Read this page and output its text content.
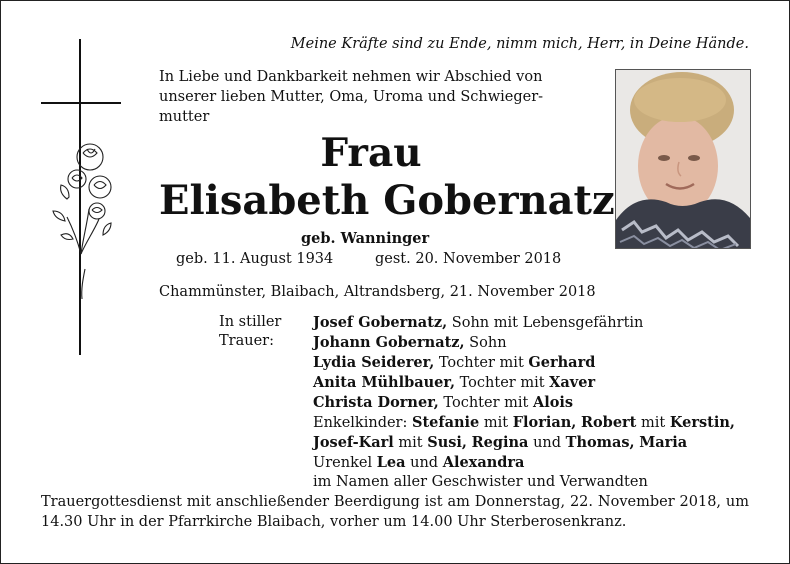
Meine Kräfte sind zu Ende, nimm mich, Herr, in Deine Hände.
In Liebe und Dankbarkeit nehmen wir Abschied von
unserer lieben Mutter, Oma, Uroma und Schwieger-
mutter
Frau
Elisabeth Gobernatz
geb. Wanninger
geb. 11. August 1934	gest. 20. November 2018
Chammünster, Blaibach, Altrandsberg, 21. November 2018
In stiller
Trauer:
Josef Gobernatz, Sohn mit Lebensgefährtin
Johann Gobernatz, Sohn
Lydia Seiderer, Tochter mit Gerhard
Anita Mühlbauer, Tochter mit Xaver
Christa Dorner, Tochter mit Alois
Enkelkinder: Stefanie mit Florian, Robert mit Kerstin,
Josef-Karl mit Susi, Regina und Thomas, Maria
Urenkel Lea und Alexandra
im Namen aller Geschwister und Verwandten
Trauergottesdienst mit anschließender Beerdigung ist am Donnerstag, 22. November 2018, um 14.30 Uhr in der Pfarrkirche Blaibach, vorher um 14.00 Uhr Sterberosenkranz.
